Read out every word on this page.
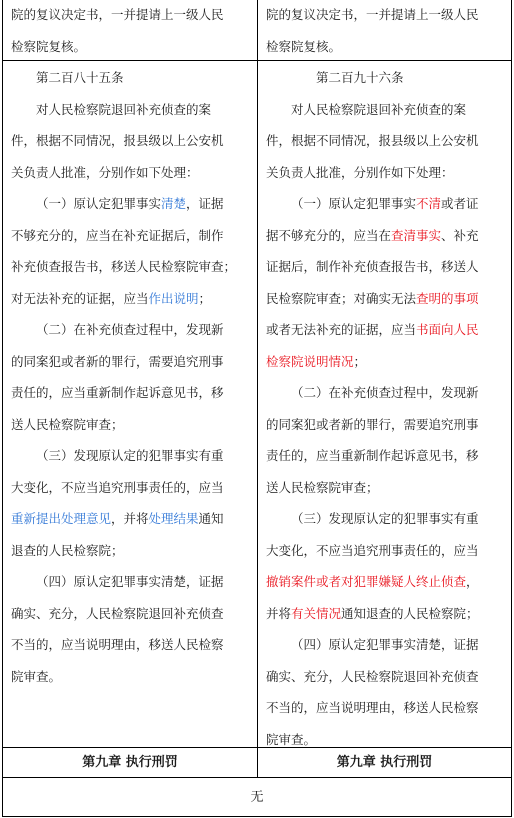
院的复议决定书，一并提请上一级人民
检察院复核。
院的复议决定书，一并提请上一级人民
检察院复核。
第二百八十五条
对人民检察院退回补充侦查的案
件，根据不同情况，报县级以上公安机
关负责人批准，分别作如下处理：
（一）原认定犯罪事实清楚，证据
不够充分的，应当在补充证据后，制作
补充侦查报告书，移送人民检察院审查；
对无法补充的证据，应当作出说明；
（二）在补充侦查过程中，发现新
的同案犯或者新的罪行，需要追究刑事
责任的，应当重新制作起诉意见书，移
送人民检察院审查；
（三）发现原认定的犯罪事实有重
大变化，不应当追究刑事责任的，应当
重新提出处理意见，并将处理结果通知
退查的人民检察院；
（四）原认定犯罪事实清楚，证据
确实、充分，人民检察院退回补充侦查
不当的，应当说明理由，移送人民检察
院审查。
第二百九十六条
对人民检察院退回补充侦查的案
件，根据不同情况，报县级以上公安机
关负责人批准，分别作如下处理：
（一）原认定犯罪事实不清或者证
据不够充分的，应当在查清事实、补充
证据后，制作补充侦查报告书，移送人
民检察院审查；对确实无法查明的事项
或者无法补充的证据，应当书面向人民
检察院说明情况；
（二）在补充侦查过程中，发现新
的同案犯或者新的罪行，需要追究刑事
责任的，应当重新制作起诉意见书，移
送人民检察院审查；
（三）发现原认定的犯罪事实有重
大变化，不应当追究刑事责任的，应当
撤销案件或者对犯罪嫌疑人终止侦查，
并将有关情况通知退查的人民检察院；
（四）原认定犯罪事实清楚，证据
确实、充分，人民检察院退回补充侦查
不当的，应当说明理由，移送人民检察
院审查。
第九章 执行刑罚	第九章 执行刑罚
无
